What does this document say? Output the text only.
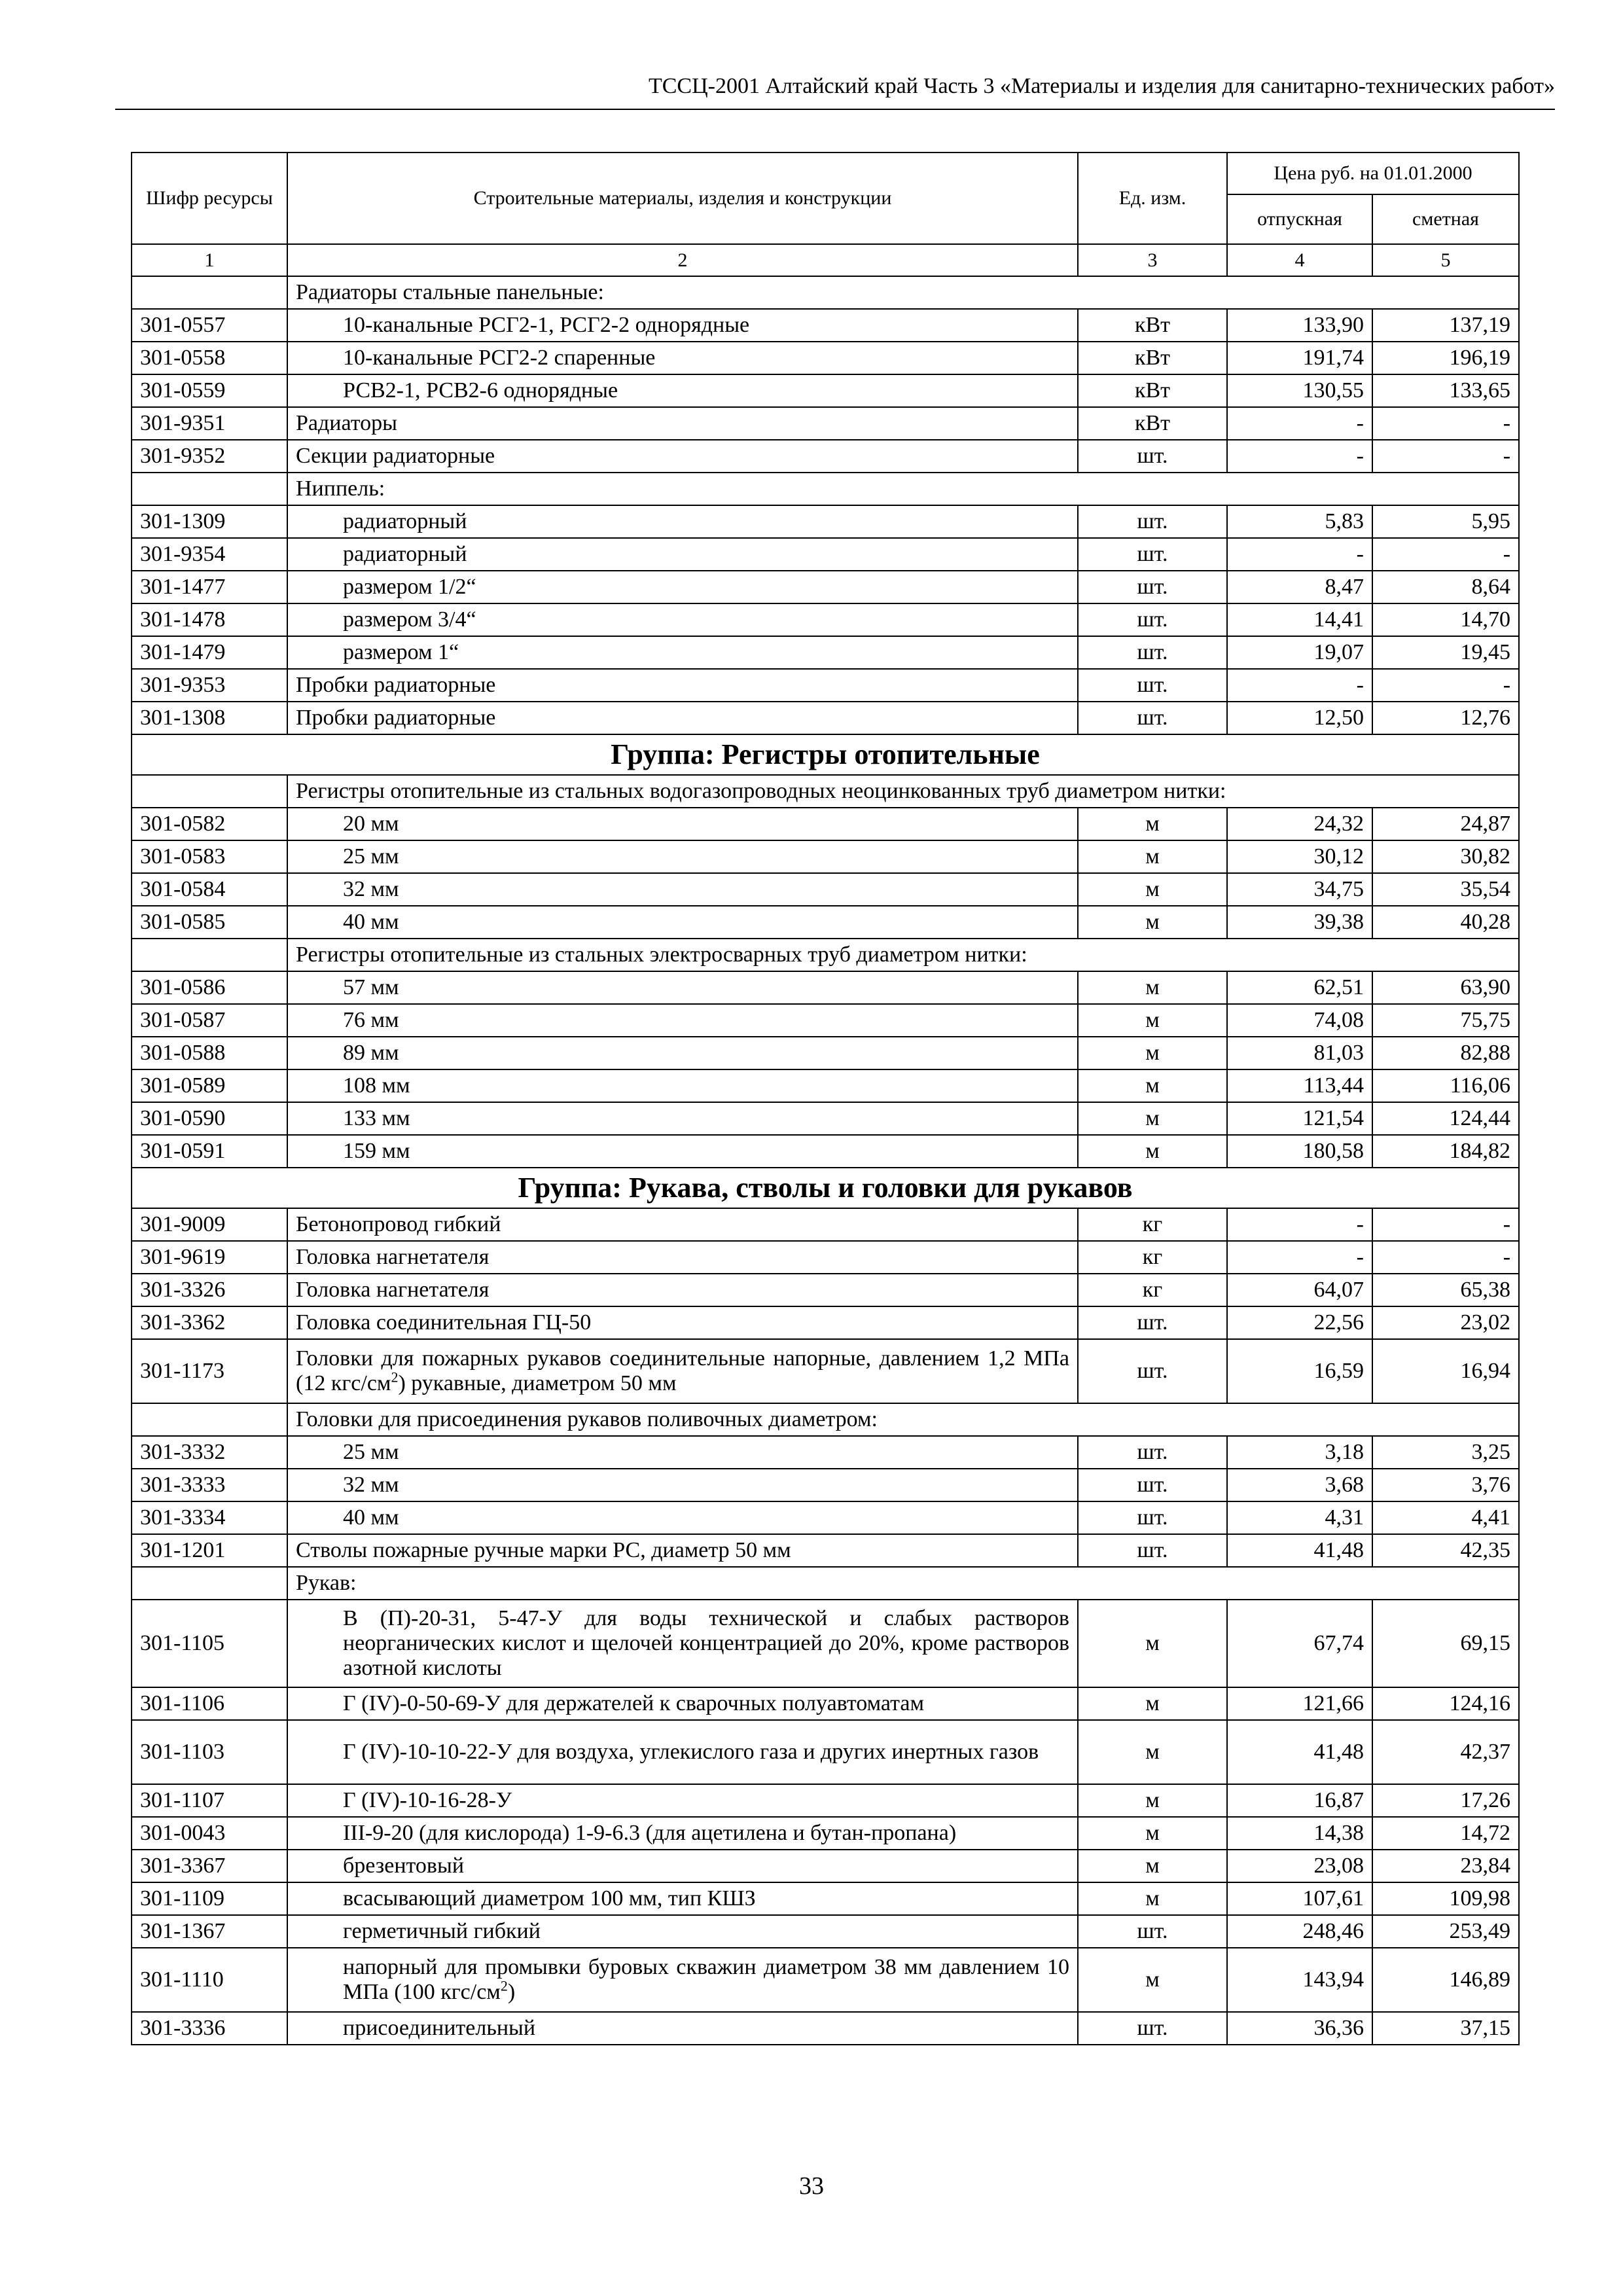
ТССЦ-2001 Алтайский край Часть 3 «Материалы и изделия для санитарно-технических работ»
Шифр ресурсы	Строительные материалы, изделия и конструкции	Ед. изм.	Цена руб. на 01.01.2000	
			отпускная	сметная
1	2	3	4	5
	Радиаторы стальные панельные:			
301-0557	10-канальные РСГ2-1, РСГ2-2 однорядные	кВт	133,90	137,19
301-0558	10-канальные РСГ2-2 спаренные	кВт	191,74	196,19
301-0559	РСВ2-1, РСВ2-6 однорядные	кВт	130,55	133,65
301-9351	Радиаторы	кВт	-	-
301-9352	Секции радиаторные	шт.	-	-
	Ниппель:			
301-1309	радиаторный	шт.	5,83	5,95
301-9354	радиаторный	шт.	-	-
301-1477	размером 1/2“	шт.	8,47	8,64
301-1478	размером 3/4“	шт.	14,41	14,70
301-1479	размером 1“	шт.	19,07	19,45
301-9353	Пробки радиаторные	шт.	-	-
301-1308	Пробки радиаторные	шт.	12,50	12,76
Группа: Регистры отопительные				
	Регистры отопительные из стальных водогазопроводных неоцинкованных труб диаметром нитки:			
301-0582	20 мм	м	24,32	24,87
301-0583	25 мм	м	30,12	30,82
301-0584	32 мм	м	34,75	35,54
301-0585	40 мм	м	39,38	40,28
	Регистры отопительные из стальных электросварных труб диаметром нитки:			
301-0586	57 мм	м	62,51	63,90
301-0587	76 мм	м	74,08	75,75
301-0588	89 мм	м	81,03	82,88
301-0589	108 мм	м	113,44	116,06
301-0590	133 мм	м	121,54	124,44
301-0591	159 мм	м	180,58	184,82
Группа: Рукава, стволы и головки для рукавов				
301-9009	Бетонопровод гибкий	кг	-	-
301-9619	Головка нагнетателя	кг	-	-
301-3326	Головка нагнетателя	кг	64,07	65,38
301-3362	Головка соединительная ГЦ-50	шт.	22,56	23,02
301-1173	Головки для пожарных рукавов соединительные напорные, давлением 1,2 МПа (12 кгс/$см^2$) рукавные, диаметром 50 мм	шт.	16,59	16,94
	Головки для присоединения рукавов поливочных диаметром:			
301-3332	25 мм	шт.	3,18	3,25
301-3333	32 мм	шт.	3,68	3,76
301-3334	40 мм	шт.	4,31	4,41
301-1201	Стволы пожарные ручные марки РС, диаметр 50 мм	шт.	41,48	42,35
	Рукав:			
301-1105	В (П)-20-31, 5-47-У для воды технической и слабых растворов неорганических кислот и щелочей концентрацией до 20%, кроме растворов азотной кислоты	м	67,74	69,15
301-1106	Г (IV)-0-50-69-У для держателей к сварочных полуавтоматам	м	121,66	124,16
301-1103	Г (IV)-10-10-22-У для воздуха, углекислого газа и других инертных газов	м	41,48	42,37
301-1107	Г (IV)-10-16-28-У	м	16,87	17,26
301-0043	III-9-20 (для кислорода) 1-9-6.3 (для ацетилена и бутан-пропана)	м	14,38	14,72
301-3367	брезентовый	м	23,08	23,84
301-1109	всасывающий диаметром 100 мм, тип КШЗ	м	107,61	109,98
301-1367	герметичный гибкий	шт.	248,46	253,49
301-1110	напорный для промывки буровых скважин диаметром 38 мм давлением 10 МПа (100 кгс/$см^2$)	м	143,94	146,89
301-3336	присоединительный	шт.	36,36	37,15
33
